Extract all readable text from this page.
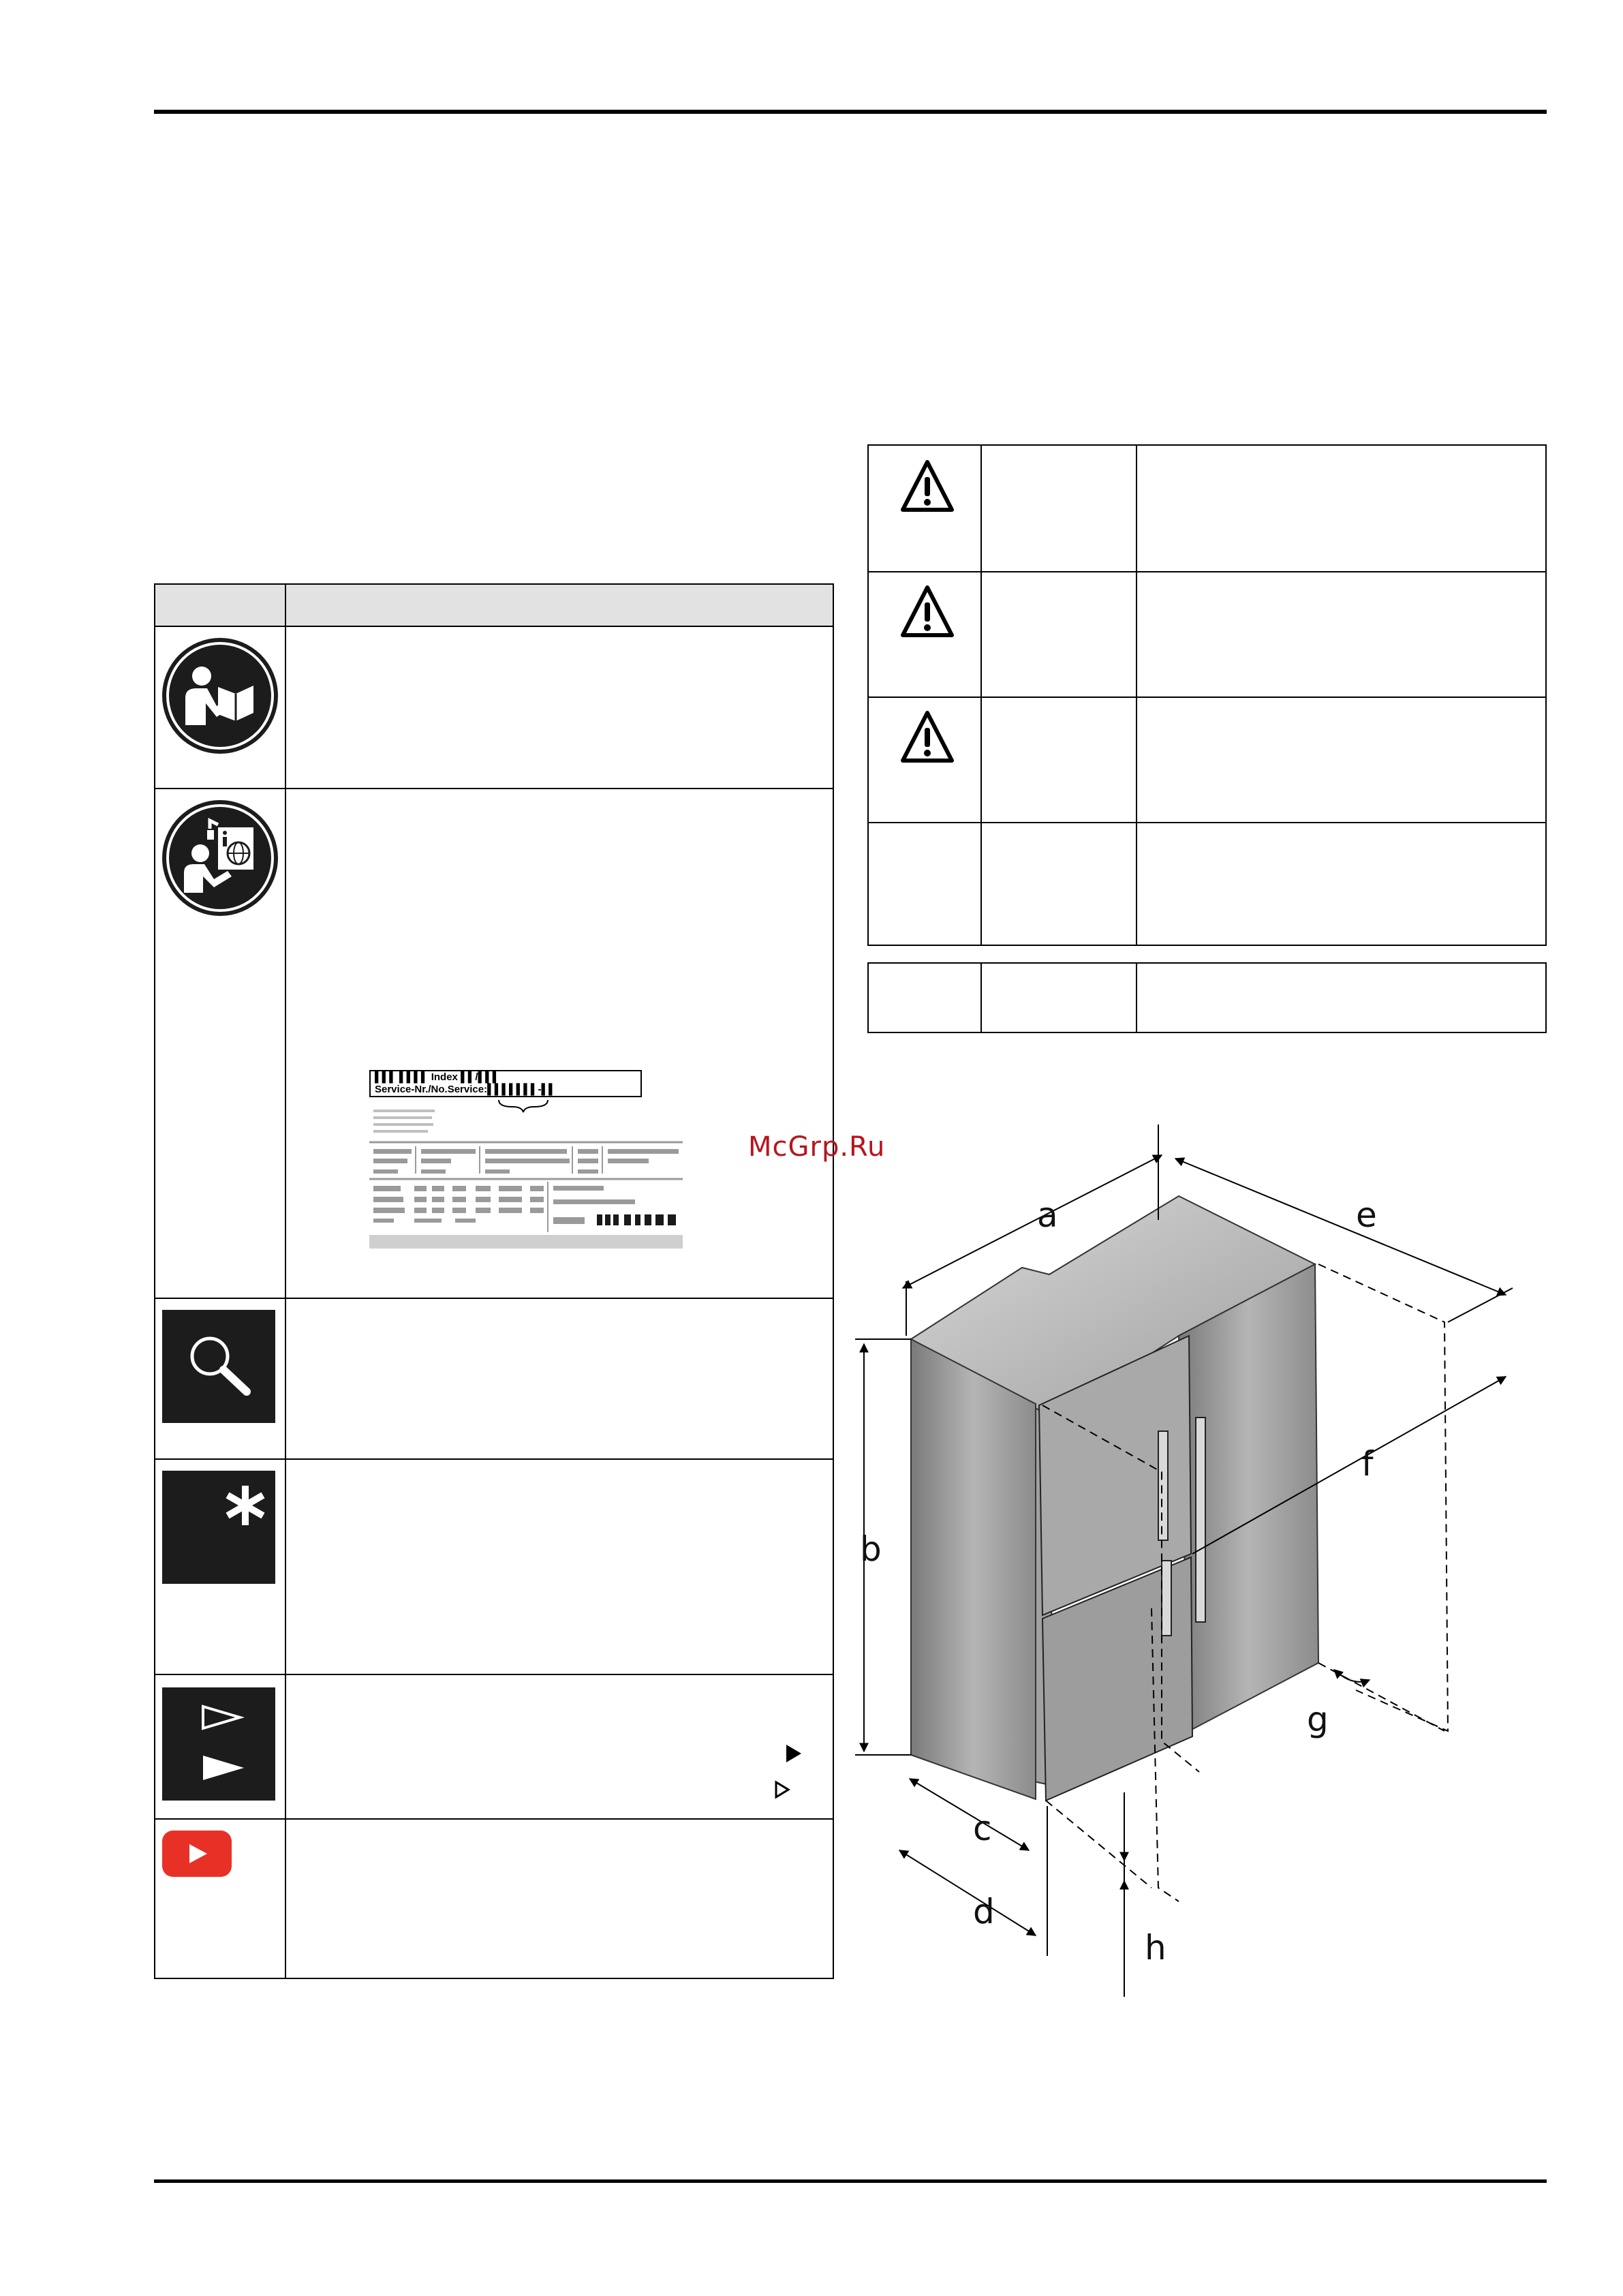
▌▌▌ ▌▌▌▌ Index ▌▌/▌▌▌
Service-Nr./No.Service:▌▌▌▌▌▌▌-▌▌
McGrp.Ru
a	e
f
b
g
c
d
h
